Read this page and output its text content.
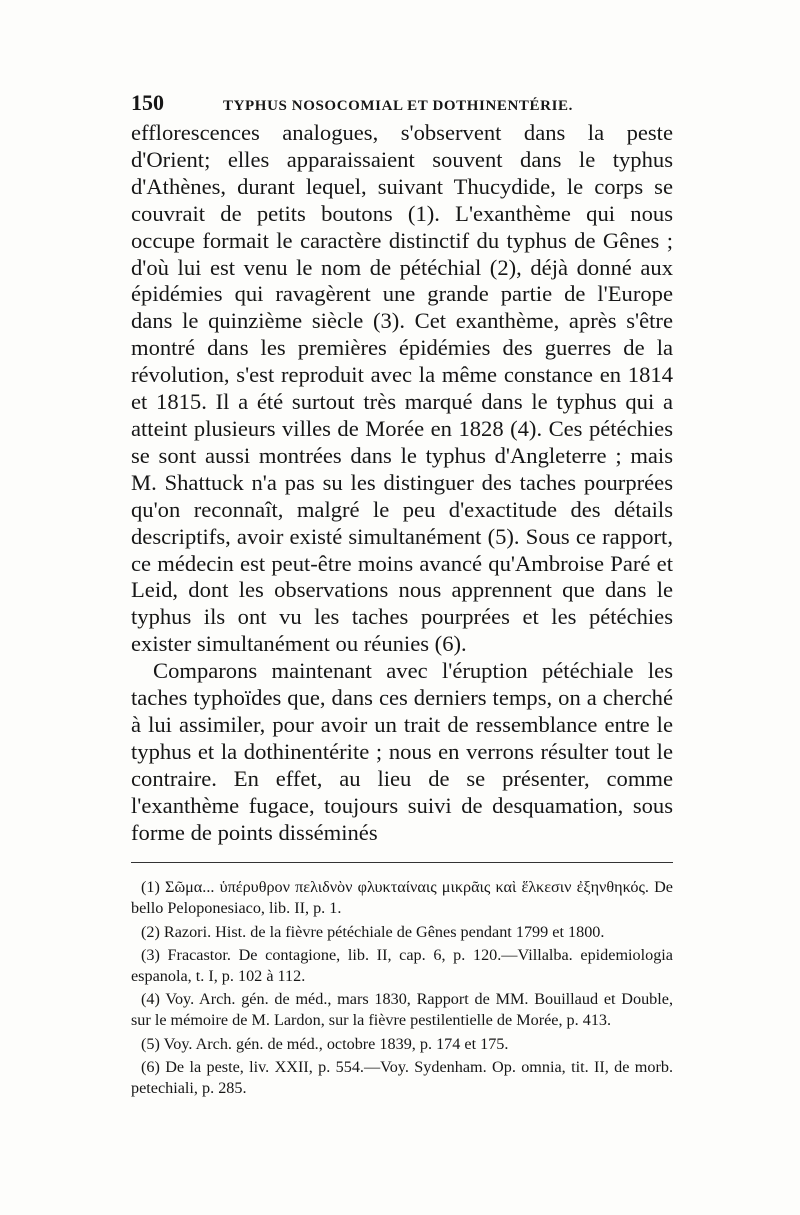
150	TYPHUS NOSOCOMIAL ET DOTHINENTÉRIE.

efflorescences analogues, s'observent dans la peste d'Orient; elles apparaissaient souvent dans le typhus d'Athènes, durant lequel, suivant Thucydide, le corps se couvrait de petits boutons (1). L'exanthème qui nous occupe formait le caractère distinctif du typhus de Gênes ; d'où lui est venu le nom de pétéchial (2), déjà donné aux épidémies qui ravagèrent une grande partie de l'Europe dans le quinzième siècle (3). Cet exanthème, après s'être montré dans les premières épidémies des guerres de la révolution, s'est reproduit avec la même constance en 1814 et 1815. Il a été surtout très marqué dans le typhus qui a atteint plusieurs villes de Morée en 1828 (4). Ces pétéchies se sont aussi montrées dans le typhus d'Angleterre ; mais M. Shattuck n'a pas su les distinguer des taches pourprées qu'on reconnaît, malgré le peu d'exactitude des détails descriptifs, avoir existé simultanément (5). Sous ce rapport, ce médecin est peut-être moins avancé qu'Ambroise Paré et Leid, dont les observations nous apprennent que dans le typhus ils ont vu les taches pourprées et les pétéchies exister simultanément ou réunies (6).

Comparons maintenant avec l'éruption pétéchiale les taches typhoïdes que, dans ces derniers temps, on a cherché à lui assimiler, pour avoir un trait de ressemblance entre le typhus et la dothinentérite ; nous en verrons résulter tout le contraire. En effet, au lieu de se présenter, comme l'exanthème fugace, toujours suivi de desquamation, sous forme de points disséminés

(1) Σῶμα... ὑπέρυθρον πελιδνὸν φλυκταίναις μικρᾶις καὶ ἕλκεσιν ἐξηνθηκός. De bello Peloponesiaco, lib. II, p. 1.

(2) Razori. Hist. de la fièvre pétéchiale de Gênes pendant 1799 et 1800.

(3) Fracastor. De contagione, lib. II, cap. 6, p. 120.—Villalba. epidemiologia espanola, t. I, p. 102 à 112.

(4) Voy. Arch. gén. de méd., mars 1830, Rapport de MM. Bouillaud et Double, sur le mémoire de M. Lardon, sur la fièvre pestilentielle de Morée, p. 413.

(5) Voy. Arch. gén. de méd., octobre 1839, p. 174 et 175.

(6) De la peste, liv. XXII, p. 554.—Voy. Sydenham. Op. omnia, tit. II, de morb. petechiali, p. 285.
